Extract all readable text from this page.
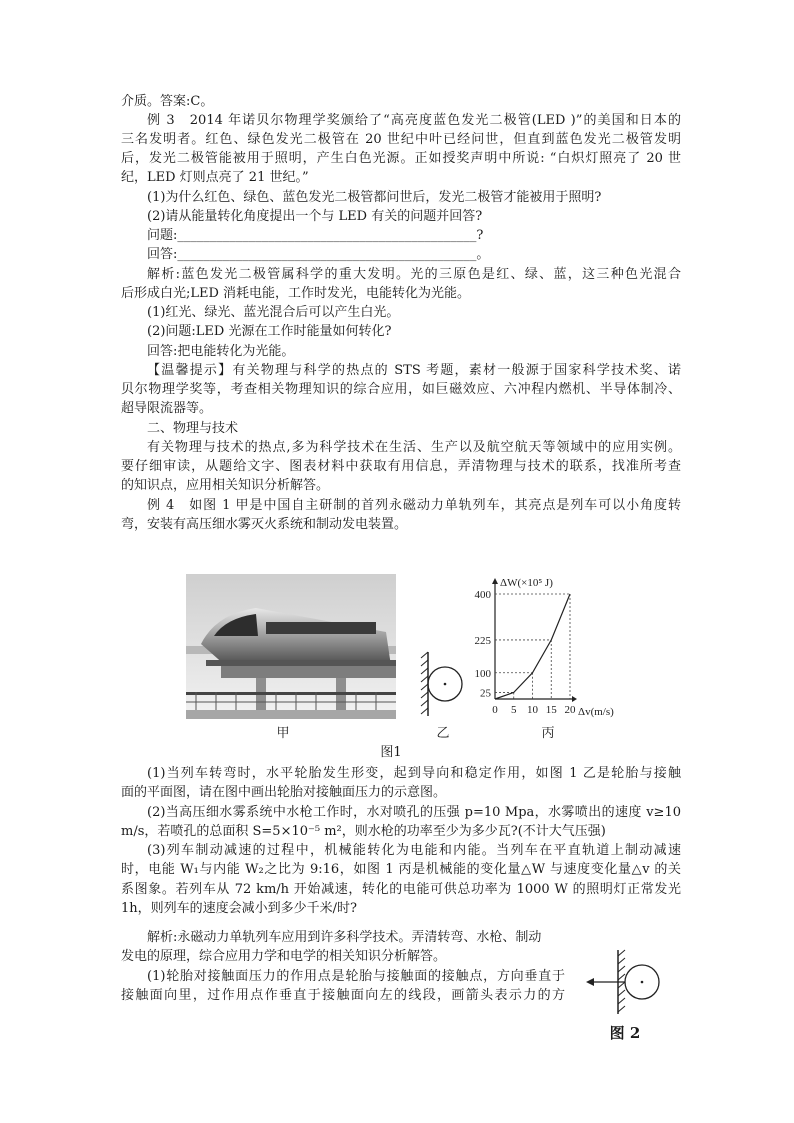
介质。答案:C。
例 3　2014 年诺贝尔物理学奖颁给了“高亮度蓝色发光二极管(LED )”的美国和日本的
三名发明者。红色、绿色发光二极管在 20 世纪中叶已经问世，但直到蓝色发光二极管发明
后，发光二极管能被用于照明，产生白色光源。正如授奖声明中所说: “白炽灯照亮了 20 世
纪，LED 灯则点亮了 21 世纪。”
(1)为什么红色、绿色、蓝色发光二极管都问世后，发光二极管才能被用于照明?
(2)请从能量转化角度提出一个与 LED 有关的问题并回答?
问题:______________________________________________?
回答:______________________________________________。
解析:蓝色发光二极管属科学的重大发明。光的三原色是红、绿、蓝，这三种色光混合
后形成白光;LED 消耗电能，工作时发光，电能转化为光能。
(1)红光、绿光、蓝光混合后可以产生白光。
(2)问题:LED 光源在工作时能量如何转化?
回答:把电能转化为光能。
【温馨提示】有关物理与科学的热点的 STS 考题，素材一般源于国家科学技术奖、诺
贝尔物理学奖等，考查相关物理知识的综合应用，如巨磁效应、六冲程内燃机、半导体制冷、
超导限流器等。
二、物理与技术
有关物理与技术的热点,多为科学技术在生活、生产以及航空航天等领域中的应用实例。
要仔细审读，从题给文字、图表材料中获取有用信息，弄清物理与技术的联系，找准所考查
的知识点，应用相关知识分析解答。
例 4　如图 1 甲是中国自主研制的首列永磁动力单轨列车，其亮点是列车可以小角度转
弯，安装有高压细水雾灭火系统和制动发电装置。
ΔW(×10⁵ J)
Δv(m/s)
0 5 10 15 20
25
100
225
400
甲	乙	丙
图1
(1)当列车转弯时，水平轮胎发生形变，起到导向和稳定作用，如图 1 乙是轮胎与接触
面的平面图，请在图中画出轮胎对接触面压力的示意图。
(2)当高压细水雾系统中水枪工作时，水对喷孔的压强 p=10 Mpa，水雾喷出的速度 v≥10
m/s，若喷孔的总面积 S=5×10⁻⁵ m²，则水枪的功率至少为多少瓦?(不计大气压强)
(3)列车制动减速的过程中，机械能转化为电能和内能。当列车在平直轨道上制动减速
时，电能 W₁与内能 W₂之比为 9:16，如图 1 丙是机械能的变化量△W 与速度变化量△v 的关
系图象。若列车从 72 km/h 开始减速，转化的电能可供总功率为 1000 W 的照明灯正常发光
1h，则列车的速度会减小到多少千米/时?
解析:永磁动力单轨列车应用到许多科学技术。弄清转弯、水枪、制动
发电的原理，综合应用力学和电学的相关知识分析解答。
(1)轮胎对接触面压力的作用点是轮胎与接触面的接触点，方向垂直于
接触面向里，过作用点作垂直于接触面向左的线段，画箭头表示力的方
图 2
